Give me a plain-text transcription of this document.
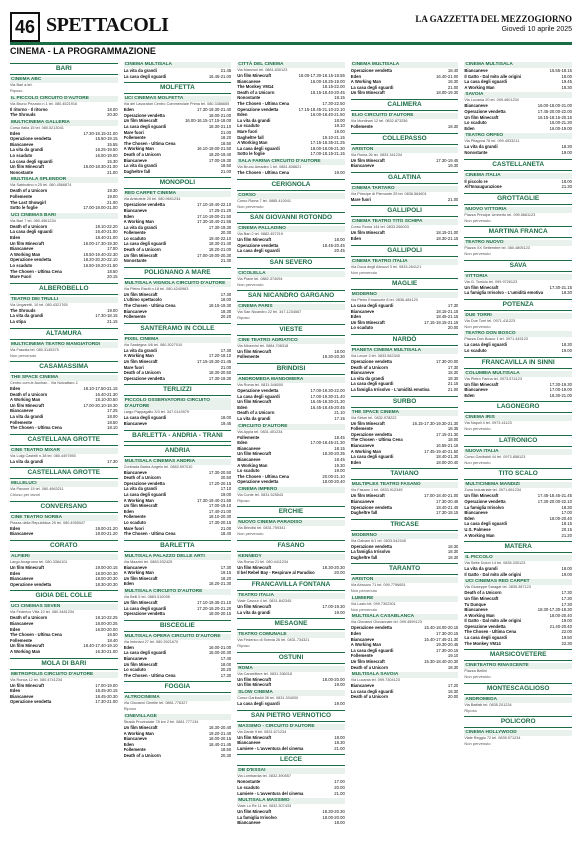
46 SPETTACOLI	LA GAZZETTA DEL MEZZOGIORNO
Giovedì 10 aprile 2025
CINEMA - LA PROGRAMMAZIONE
BARI
CINEMA ABC
Via Bari a.tel.
Riposo
IL PICCOLO CIRCUITO D'AUTORE
Via Bruno Pezzuto n.1 tel. 080.4521916
Il ritorno - Il ritorno	18.00
The Shrouds	20.30
MULTICINEMA GALLERIA
Corso Italia 15 tel. 080.5213041
Eden	17.30-18.15-21.00
Operazione vendetta	15.50-19.15
Biancaneve	15.55
La vita da grandi	18.25-19.50
Lo scaduto	16.00-19.00
La casa degli sguardi	15.30
Un film Minecraft	16.00-18.30-21.00
Nonostante	21.00
MULTISALA SPLENDOR
Via Sabbotino n.25 tel. 080.4566874
Death of a Unicorn	18.30
Follemente	19.00
The Last Showgirl	21.00
Sotto le foglie	17.00-19.00-21.00
UCI CINEMAS BARI
Via Bari 7 tel. 080.4561234
Death of a Unicorn	18.10-22.20
La casa degli sguardi	16.40-21.00
Eden	18.40-21.00
Un film Minecraft	16.00-17.30-19.30
Biancaneve	17.00
A Working Man	18.50-19.40-22.30
Operazione vendetta	18.20-20.20-22.10
Lo scaduto	16.50-19.20-21.50
The Chosen - Ultima Cena	18.50
Mare Fuori	20.15
ALBEROBELLO
TEATRO DEI TRULLI
Via Ungaretti, 10 tel. 080.4321765
The Shrouds	19.00
La vita da grandi	17.30-18.15
La stipa	21.15
ALTAMURA
MULTICINEMA TEATRO MANGIATORDI
Via Fraudia tel. 080.3145375
Non pervenuto
CASAMASSIMA
THE SPACE CINEMA
Centro com.le Auchan - Via Noicattaro 2
Eden	18.10-17.50-21.15
Death of a Unicorn	16.40-21.30
A Working Man	18.10-20.50
Un film Minecraft	17.00-20.10-18.30
Biancaneve	17.25
La vita da grandi	18.00
Follemente	18.50
The Chosen - Ultima Cena	18.10
CASTELLANA GROTTE
CINE TEATRO MIXAR
Via Luigi Castelli n.38 tel. 080.4497893
La vita da grandi	17.30
CASTELLANA GROTTE
MILLELUCI
Via Pavone 15 tel. 080.4963211
Chiuso per lavori
CONVERSANO
CINE TEATRO NORBA
Piazza della Repubblica 25 tel. 080.4955047
Eden	19.00-21.20
Biancaneve	19.00-21.20
CORATO
ALFIERI
Largo Anagrumo tel. 080.3384101
Un film Minecraft	19.00-20.15
Eden	18.00-20.30
Biancaneve	18.00-20.30
Operazione vendetta	18.30-20.30
GIOIA DEL COLLE
UCI CINEMAS SEVEN
Via Federico Villa 10 tel. 080.3481234
Death of a Unicorn	18.10-22.25
Biancaneve	18.00-20.25
Eden	16.00-20.00
The Chosen - Ultima Cena	16.50
Follemente	18.40
Un film Minecraft	18.40-17.40-19.10
A Working Man	16.30-21.00
MOLA DI BARI
METROPOLIS CIRCUITO D'AUTORE
Via Ronca 12 tel. 080.4741234
Un film Minecraft	17.00-19.00
Eden	18.45-20.15
Biancaneve	18.45-20.30
Operazione vendetta	17.30-21.00
CINEMA MULTISALA
La vita da grandi	21.45
La casa degli sguardi	16.45-21.00
MOLFETTA
UCI CINEMAS MOLFETTA
Via dei Lavoratori Centro Commerciale Prima tel. 080.3386655
Eden	17.30-19.30-21.40
Operazione vendetta	18.00-21.00
Un film Minecraft	16.00-16.15-17.15-18.00
La casa degli sguardi	18.30-21.10
Mare fuori	21.00
Follemente	18.20
The Chosen - Ultima Cena	18.50
A Working Man	16.10-19.00-21.50
Death of a Unicorn	18.20-19.40
Biancaneve	17.00-19.30
La vita da grandi	18.50
Dagheltre fall	21.00
MONOPOLI
RED CARPET CINEMA
Via Aristotele 20 tel. 080.9691234
Operazione vendetta	17.10-19.40-22.10
Biancaneve	17.25-21.20
Eden	17.10-19.00-21.50
A Working Man	17.30-19.40-21.55
La vita da grandi	17.30-19.30
Follemente	20.30
Lo scaduto	19.40-22.10
La casa degli sguardi	18.30-21.40
Death of a Unicorn	18.20-21.00
Un film Minecraft	17.00-19.00-20.30
Nonostante	21.30
POLIGNANO A MARE
MULTISALA VIGNOLA CIRCUITO D'AUTORE
Via Pietro Raciti n.18 tel. 080.4240963
Un film Minecraft	17.30
L'ultimo spettacolo	18.00
The Chosen - Ultima Cena	18.15-19.30
Biancaneve	18.30
Follemente	20.20
SANTERAMO IN COLLE
PIXEL CINEMA
Via Sardegna 4/6 tel. 080.3027010
La vita da grandi	17.30
A Working Man	17.20-18.10
Un film Minecraft	17.15-19.30-21.45
Mare fuori	21.00
Death of a Unicorn	18.30-20.50
Operazione vendetta	17.30-19.30
TERLIZZI
PICCOLO OSSERVATORIO CIRCUITO D'AUTORE
Largo Pappagallo 3/3 tel. 347.0143979
La casa degli sguardi	18.00
Biancaneve	19.45
BARLETTA - ANDRIA - TRANI
ANDRIA
MULTISALA CINEMAS ANDRIA
Contrada Barba Angelo tel. 0883.597010
Biancaneve	17.30-20.50
Death of a Unicorn	20.50
Operazione vendetta	17.20-20.15
La vita da grandi	17.10
La casa degli sguardi	19.00
A Working Man	17.30-19.40-21.55
Un film Minecraft	17.00-19.10
Eden	17.40-21.00
Follemente	18.10-20.30
Lo scaduto	17.30-20.15
Mare fuori	21.00
The Chosen - Ultima Cena	18.40
BARLETTA
MULTISALA PALAZZO DELLE ARTI
Via Mazzini tel. 0883.532425
Biancaneve	17.30
A Working Man	19.15
Un film Minecraft	18.20
Eden	18.20-21.30
MULTISALA CIRCUITO D'AUTORE
Via Belli 5 tel. 0883.510098
Un film Minecraft	17.10-19.35-21.10
La casa degli sguardi	17.20-19.20-21.20
Operazione vendetta	18.00-20.15
BISCEGLIE
MULTISALA OPERA CIRCUITO D'AUTORE
Via Imbriani 27 tel. 080.3921670
Eden	16.00-21.00
La casa degli sguardi	16.00-20.30
Biancaneve	17.40
Un film Minecraft	18.00
Lo scaduto	20.20
The Chosen - Ultima Cena	17.30
FOGGIA
ALTROCINEMA
Via Giovanni Gentile tel. 0881.776327
Riposo
CINEVILLAGE
Strada Provinciale 78 km 2 tel. 0881.777134
Un film Minecraft	18.30-20.40
A Working Man	19.20-21.40
Biancaneve	18.00-20.15
Eden	18.40-21.45
Follemente	18.50
Death of a Unicorn	20.30
CITTÀ DEL CINEMA
Via Manzoni tel. 0881.630123
Un film Minecraft	18.00-17.30-18.15-18.55
Biancaneve	16.00-18.25-19.00
The Monkey VM14	18.15-22.00
Death of a Unicorn	18.15-18.40-20.45
Nonostante	18.15
The Chosen - Ultima Cena	17.30-22.50
Operazione vendetta	17.15-18.45-21.10-22.10
Eden	16.00-18.40-21.50
La vita da grandi	18.00
Lo scaduto	18.10
Mare fuori	19.00
Dagheltre fall	19.10-21.15
A Working Man	17.15-18.35-21.25
La casa degli sguardi	18.00-18.05-21.30
Sotto le foglie	17.00-18.15-21.15
SALA FARINA CIRCUITO D'AUTORE
Via Bruno Amadeo 1 tel. 0881.608621
The Chosen - Ultima Cena	19.00
CERIGNOLA
CORSO
Corso Roma 7 tel. 0885.410041
Non pervenuto
SAN GIOVANNI ROTONDO
CINEMA PALLADINO
Via Bari 2 tel. 0882.457219
Un film Minecraft	18.00
Operazione vendetta	18.45-20.45
La casa degli sguardi	20.45
SAN SEVERO
CICOLELLA
Via Piave tel. 0882.374094
Non pervenuto
SAN NICANDRO GARGANO
CINEMA PARIS
Via San Nicandro 22 tel. 347.1234567
Riposo
VIESTE
CINE TEATRO ADRIATICO
Via Minervini tel. 0884.708318
Un film Minecraft	18.00
Follemente	19.30-20.30
BRINDISI
ANDROMEDA MANDOMERA
Via Roma tel. 0831.546000
Operazione vendetta	17.00-19.30-22.00
La casa degli sguardi	17.00-19.30-21.40
Un film Minecraft	16.45-18.30-21.30
Eden	16.45-18.45-20.45
Death of a Unicorn	21.10
La vita da grandi	17.15
CIRCUITO D'AUTORE
Via Appia tel. 0831.451234
Follemente	18.45
Eden	17.00-18.45-21.30
Biancaneve	18.15
Un film Minecraft	18.30-20.35
Biancaneve	18.45
A Working Man	19.30
Lo scaduto	19.00
The Chosen - Ultima Cena	20.00-21.10
Operazione vendetta	18.00-20.40
CINEMA IMPERO
Via Conte tel. 0831.525543
Riposo
ERCHIE
NUOVO CINEMA PARADISO
Via Brindisi tel. 0831.759341
Non pervenuto
FASANO
KENNEDY
Via Roma 21 tel. 080.4411234
Un film Minecraft	18.30-20.30
Il bel Rebel Bay - Respirare al Paradiso	20.00
FRANCAVILLA FONTANA
TEATRO ITALIA
Viale Cavour 4 tel. 0831.842345
Un film Minecraft	17.00-19.30
La vita da grandi	19.00
MESAGNE
TEATRO COMUNALE
Via Federico di Svevia 26 tel. 0831.734321
Riposo
OSTUNI
ROMA
Via Cancelliere tel. 0831.336018
Un film Minecraft	18.00-20.00
Un film Minecraft	19.00
SLOW CINEMA
Corso Garibaldi 38 tel. 0831.334000
La casa degli sguardi	19.00
SAN PIETRO VERNOTICO
MASSIMO - CIRCUITO D'AUTORE
Via Dante 9 tel. 0831.671234
Un film Minecraft	18.00
Biancaneve	18.30
Lumiere - L'avventura del cinema	21.00
LECCE
DB D'ESSAI
Via Lombardia tel. 0832.390557
Nonostante	17.00
Lo scaduto	20.00
Lumiere - L'avventura del cinema	21.00
MULTISALA MASSIMO
Viale Lo Re 11 tel. 0832.307433
Un film Minecraft	18.30-20.30
La famiglia Irrisolvo	18.00-20.00
Biancaneve	18.00
CINEMA MULTISALA
Operazione vendetta	18.40
Eden	16.40-21.00
A Working Man	18.30
La casa degli sguardi	21.00
Un film Minecraft	18.00-19.30
CALIMERA
ELIO CIRCUITO D'AUTORE
Via Montinari 12 tel. 0832.873256
Follemente	18.30
COLLEPASSO
ARISTON
Via Roma 26 tel. 0833.341234
Un film Minecraft	17.30-19.45
Biancaneve	19.30
GALATINA
CINEMA TARTARO
Via Principe di Piemonte 25 tel. 0836.564601
Mare fuori	21.00
GALLIPOLI
CINEMA TEATRO TITO SCHIPA
Corso Roma 144 tel. 0833.266003
Un film Minecraft	18.15-21.00
Eden	18.30-21.15
GALLIPOLI
CINEMA TEATRO ITALIA
Via Duca degli Abruzzi 3 tel. 0833.264121
Non pervenuto
MAGLIE
MODERNO
Via Pietro Emanuele 8 tel. 0836.484120
La casa degli sguardi	17.30
Biancaneve	18.15-21.15
Eden	18.45-21.15
Un film Minecraft	17.15-18.15-21.15
Lo scaduto	20.00
NARDÒ
PIANETA CINEMA MULTISALA
Via Lecce 3 tel. 0833.562345
Operazione vendetta	17.30-20.00
Death of a Unicorn	17.30
Biancaneve	18.30
La vita da grandi	18.30
La casa degli sguardi	21.15
La famiglia Irrisolvo - L'umidità emotiva	21.00
SURBO
THE SPACE CINEMA
Via Sirtori tel. 0832.978222
Un film Minecraft	16.15-17.30-19.30-21.30
Follemente	18.35
Operazione vendetta	17.15-21.30
The Chosen - Ultima Cena	18.00
Biancaneve	16.55-21.15
A Working Man	17.45-19.40-21.50
La casa degli sguardi	18.40-21.30
Eden	18.00-20.40
TAVIANO
MULTIPLEX TEATRO FASANO
Via Fasano 1 tel. 0833.912345
Un film Minecraft	17.00-18.40-21.00
Biancaneve	17.30-20.45
Operazione vendetta	18.40-21.45
Dagheltre fall	17.30-18.15
TRICASE
MODERNO
Via Galvani 6/1 tel. 0833.542345
Operazione vendetta	18.30
La famiglia Irrisolvo	18.30
Dagheltre fall	18.30
TARANTO
ARISTON
Via Abruzzo 71 tel. 099.7796651
Non pervenuto
LUMIERE
Via Lazio tel. 099.7302301
Non pervenuto
MULTISALA CASABLANCA
Via Giovanni Giovannale tel. 099.4599123
Operazione vendetta	15.40-18.00-20.15
Eden	17.30-20.15
Biancaneve	15.40-17.45-21.30
A Working Man	19.30-20.45
La casa degli sguardi	17.30-20.15
Follemente	19.10
Un film Minecraft	15.30-18.40-20.30
Death of a Unicorn	18.30
MULTISALA SAVOIA
Via Lucania tel. 099.7304123
Biancaneve	17.20
La casa degli sguardi	18.30
Death of a Unicorn	20.00
CINEMA MULTISALA
Biancaneve	15.55-18.15
Il Gatto - Dal mito alle origini	18.00
La casa degli sguardi	19.45
A Working Man	18.30
SAVOIA
Via Lucania 20 tel. 099.4601234
Biancaneve	16.00-18.00-21.00
Operazione vendetta	17.45-20.00-22.00
Un film Minecraft	16.15-18.15-20.15
Lo scaduto	16.00-21.30
Eden	16.00-19.00
TEATRO ORFEO
Via Pitagora 78 tel. 099.4533211
La vita da grandi	18.30
Nonostante	19.00
CASTELLANETA
CINEMA ITALIA
Il piccolo re	18.00
All'Innaugurazione	21.30
GROTTAGLIE
NUOVO VITTORIA
Piazza Principe Umberto tel. 099.5661123
Non pervenuto
MARTINA FRANCA
TEATRO NUOVO
Piazza XX Settembre tel. 080.4805123
Non pervenuto
SAVA
VITTORIA
Via G. Toniolo tel. 099.9726123
Un film Minecraft	17.30-21.15
La famiglia Irrisolvo - L'umidità emotiva	18.30
POTENZA
DUE TORRI
Via Due Torri tel. 0971.411223
Non pervenuto
TEATRO DON BOSCO
Piazza Don Bosco 1 tel. 0971.445123
La casa degli sguardi	18.30
Lo scaduto	19.00
FRANCAVILLA IN SINNI
COLUMBIA MULTISALA
Via Pietro Farina tel. 0973.574123
Un film Minecraft	17.30-19.30
Biancaneve	17.00-19.00
Eden	18.30-21.00
LAGONEGRO
CINEMA IRIS
Via Napoli 4 tel. 0973.41123
Non pervenuto
LATRONICO
NUOVA ITALIA
Corso Garibaldi 44 tel. 0973.858123
Non pervenuto
TITO SCALO
MULTICINEMA MANDIZI
Zona Industriale tel. 0971.651234
Un film Minecraft	17.45-18.45-21.45
Operazione vendetta	17.30-20.00-22.10
La famiglia Irrisolvo	18.30
Biancaneve	17.00
Eden	18.00-20.40
La casa degli sguardi	18.15
U.S. Palmese	20.15
A Working Man	21.20
MATERA
IL PICCOLO
Via Sette Dolori 14 tel. 0835.330123
La vita da grandi	18.00
Il Gatto - Dal mito alle origini	19.00
UCI CINEMAS RED CARPET
Via Giuseppe Saragat tel. 0835.387123
Death of a Unicorn	17.30
Un film Minecraft	17.30
Tu Dunque	17.30
Biancaneve	18.30-17.30-18.30
A Working Man	18.00-20.40
Il Gatto - Dal mito alle origini	19.00
Operazione vendetta	21.40-20.40
The Chosen - Ultima Cena	22.00
La casa degli sguardi	19.50
The Monkey VM14	22.30
MARSICOVETERE
CINETEATRO RINASCENTE
Piazza Bellini
Non pervenuto
MONTESCAGLIOSO
ANDROMEDA
Via Battisti tel. 0835.201234
Riposo
POLICORO
CINEMA HOLLYWOOD
Viale Reggio 72 tel. 0835.971234
Non pervenuto
